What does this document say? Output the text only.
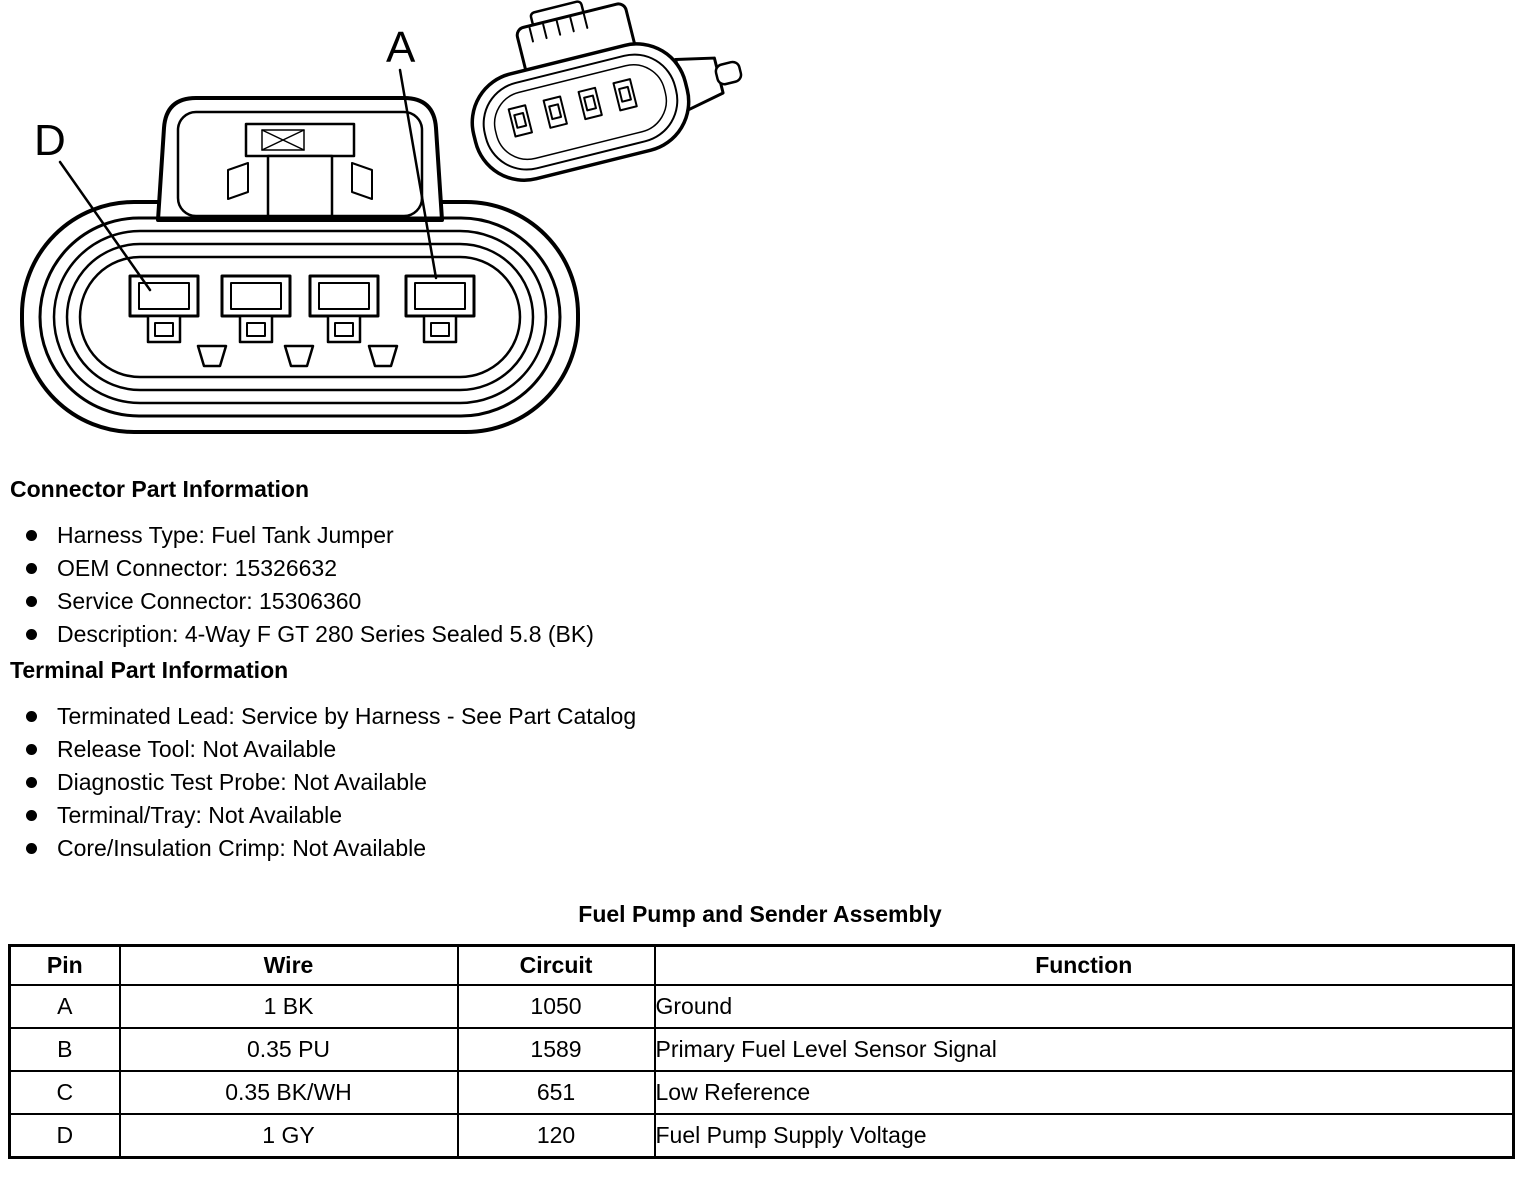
D
A
Connector Part Information
Harness Type: Fuel Tank Jumper
OEM Connector: 15326632
Service Connector: 15306360
Description: 4-Way F GT 280 Series Sealed 5.8 (BK)
Terminal Part Information
Terminated Lead: Service by Harness - See Part Catalog
Release Tool: Not Available
Diagnostic Test Probe: Not Available
Terminal/Tray: Not Available
Core/Insulation Crimp: Not Available
Fuel Pump and Sender Assembly
Pin	Wire	Circuit	Function
A	1 BK	1050	Ground
B	0.35 PU	1589	Primary Fuel Level Sensor Signal
C	0.35 BK/WH	651	Low Reference
D	1 GY	120	Fuel Pump Supply Voltage
